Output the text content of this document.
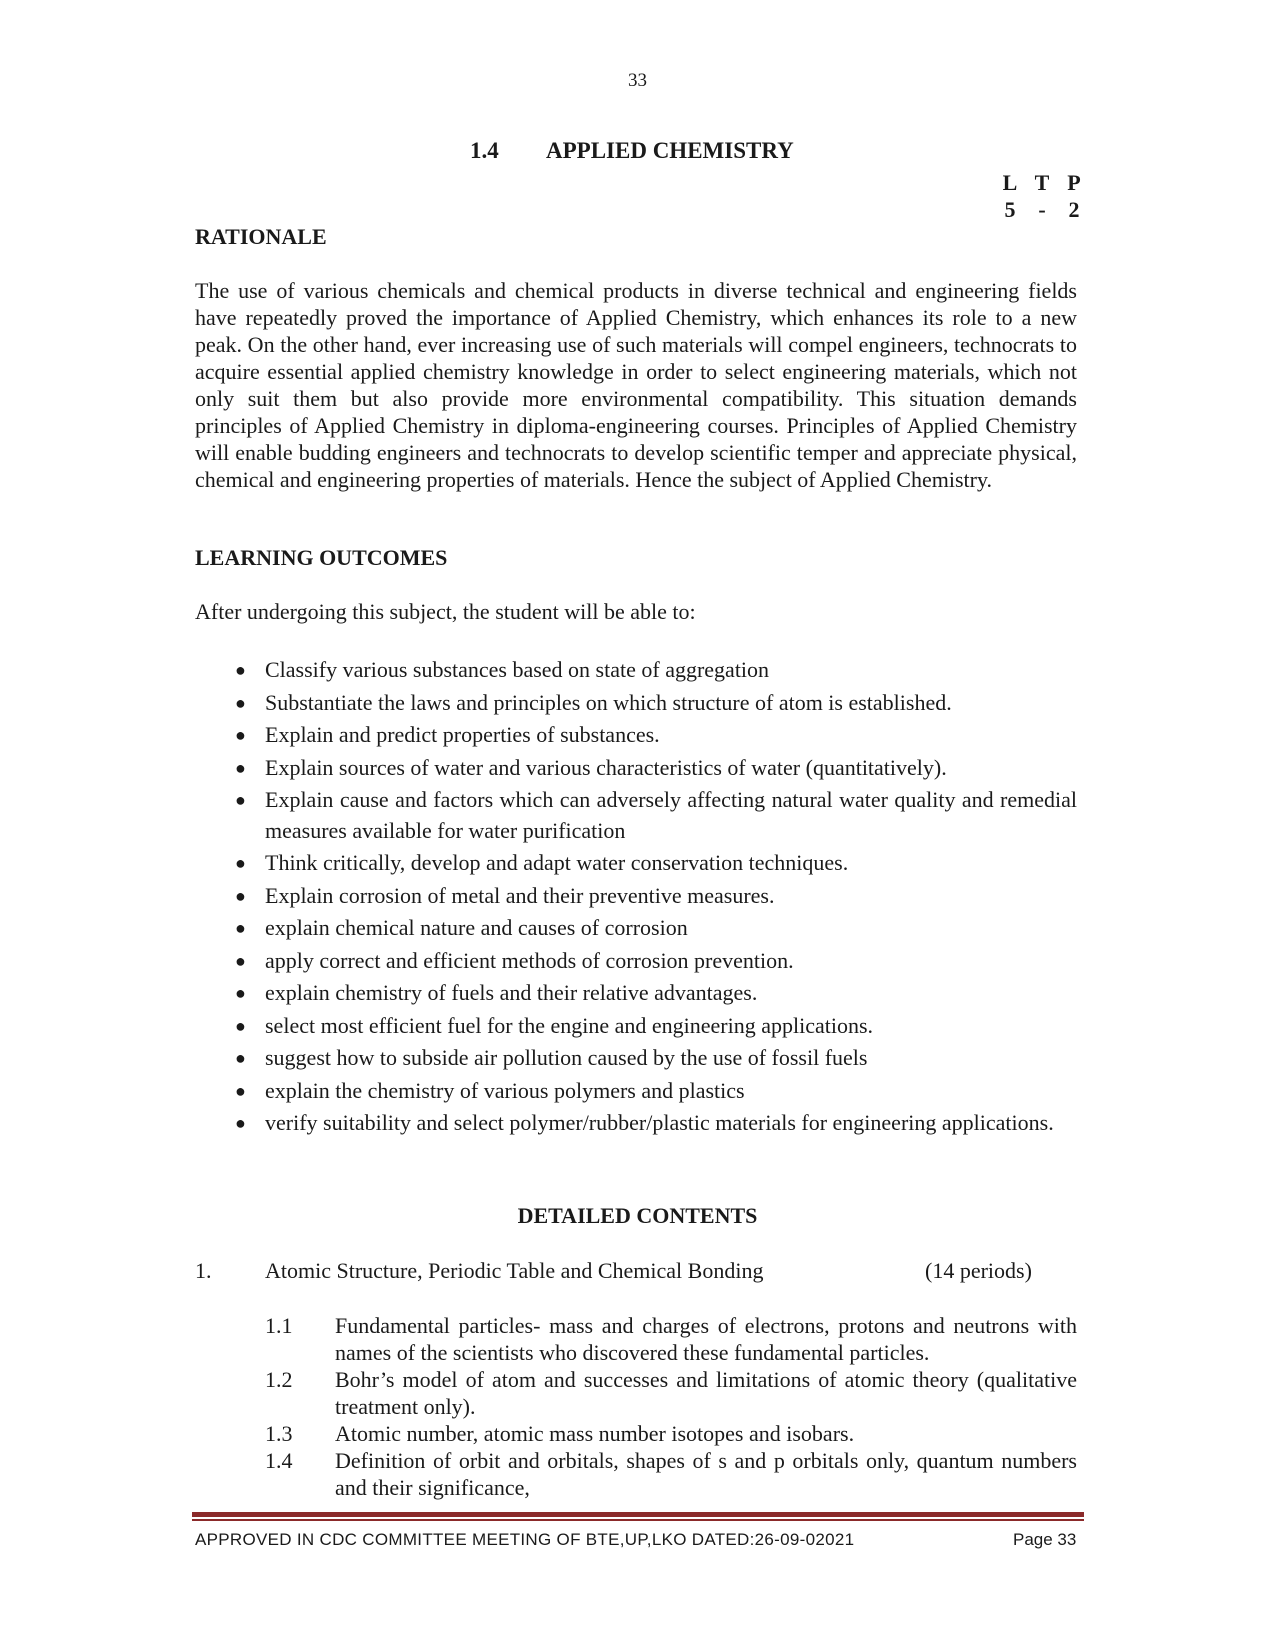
33
1.4 APPLIED CHEMISTRY
L T P
5 - 2
RATIONALE

The use of various chemicals and chemical products in diverse technical and engineering fields have repeatedly proved the importance of Applied Chemistry, which enhances its role to a new peak. On the other hand, ever increasing use of such materials will compel engineers, technocrats to acquire essential applied chemistry knowledge in order to select engineering materials, which not only suit them but also provide more environmental compatibility. This situation demands principles of Applied Chemistry in diploma-engineering courses. Principles of Applied Chemistry will enable budding engineers and technocrats to develop scientific temper and appreciate physical, chemical and engineering properties of materials. Hence the subject of Applied Chemistry.

LEARNING OUTCOMES

After undergoing this subject, the student will be able to:

● Classify various substances based on state of aggregation
● Substantiate the laws and principles on which structure of atom is established.
● Explain and predict properties of substances.
● Explain sources of water and various characteristics of water (quantitatively).
● Explain cause and factors which can adversely affecting natural water quality and remedial measures available for water purification
● Think critically, develop and adapt water conservation techniques.
● Explain corrosion of metal and their preventive measures.
● explain chemical nature and causes of corrosion
● apply correct and efficient methods of corrosion prevention.
● explain chemistry of fuels and their relative advantages.
● select most efficient fuel for the engine and engineering applications.
● suggest how to subside air pollution caused by the use of fossil fuels
● explain the chemistry of various polymers and plastics
● verify suitability and select polymer/rubber/plastic materials for engineering applications.
DETAILED CONTENTS
1. Atomic Structure, Periodic Table and Chemical Bonding	(14 periods)
1.1 Fundamental particles- mass and charges of electrons, protons and neutrons with names of the scientists who discovered these fundamental particles.
1.2 Bohr’s model of atom and successes and limitations of atomic theory (qualitative treatment only).
1.3 Atomic number, atomic mass number isotopes and isobars.
1.4 Definition of orbit and orbitals, shapes of s and p orbitals only, quantum numbers and their significance,
APPROVED IN CDC COMMITTEE MEETING OF BTE,UP,LKO DATED:26-09-02021	Page 33
